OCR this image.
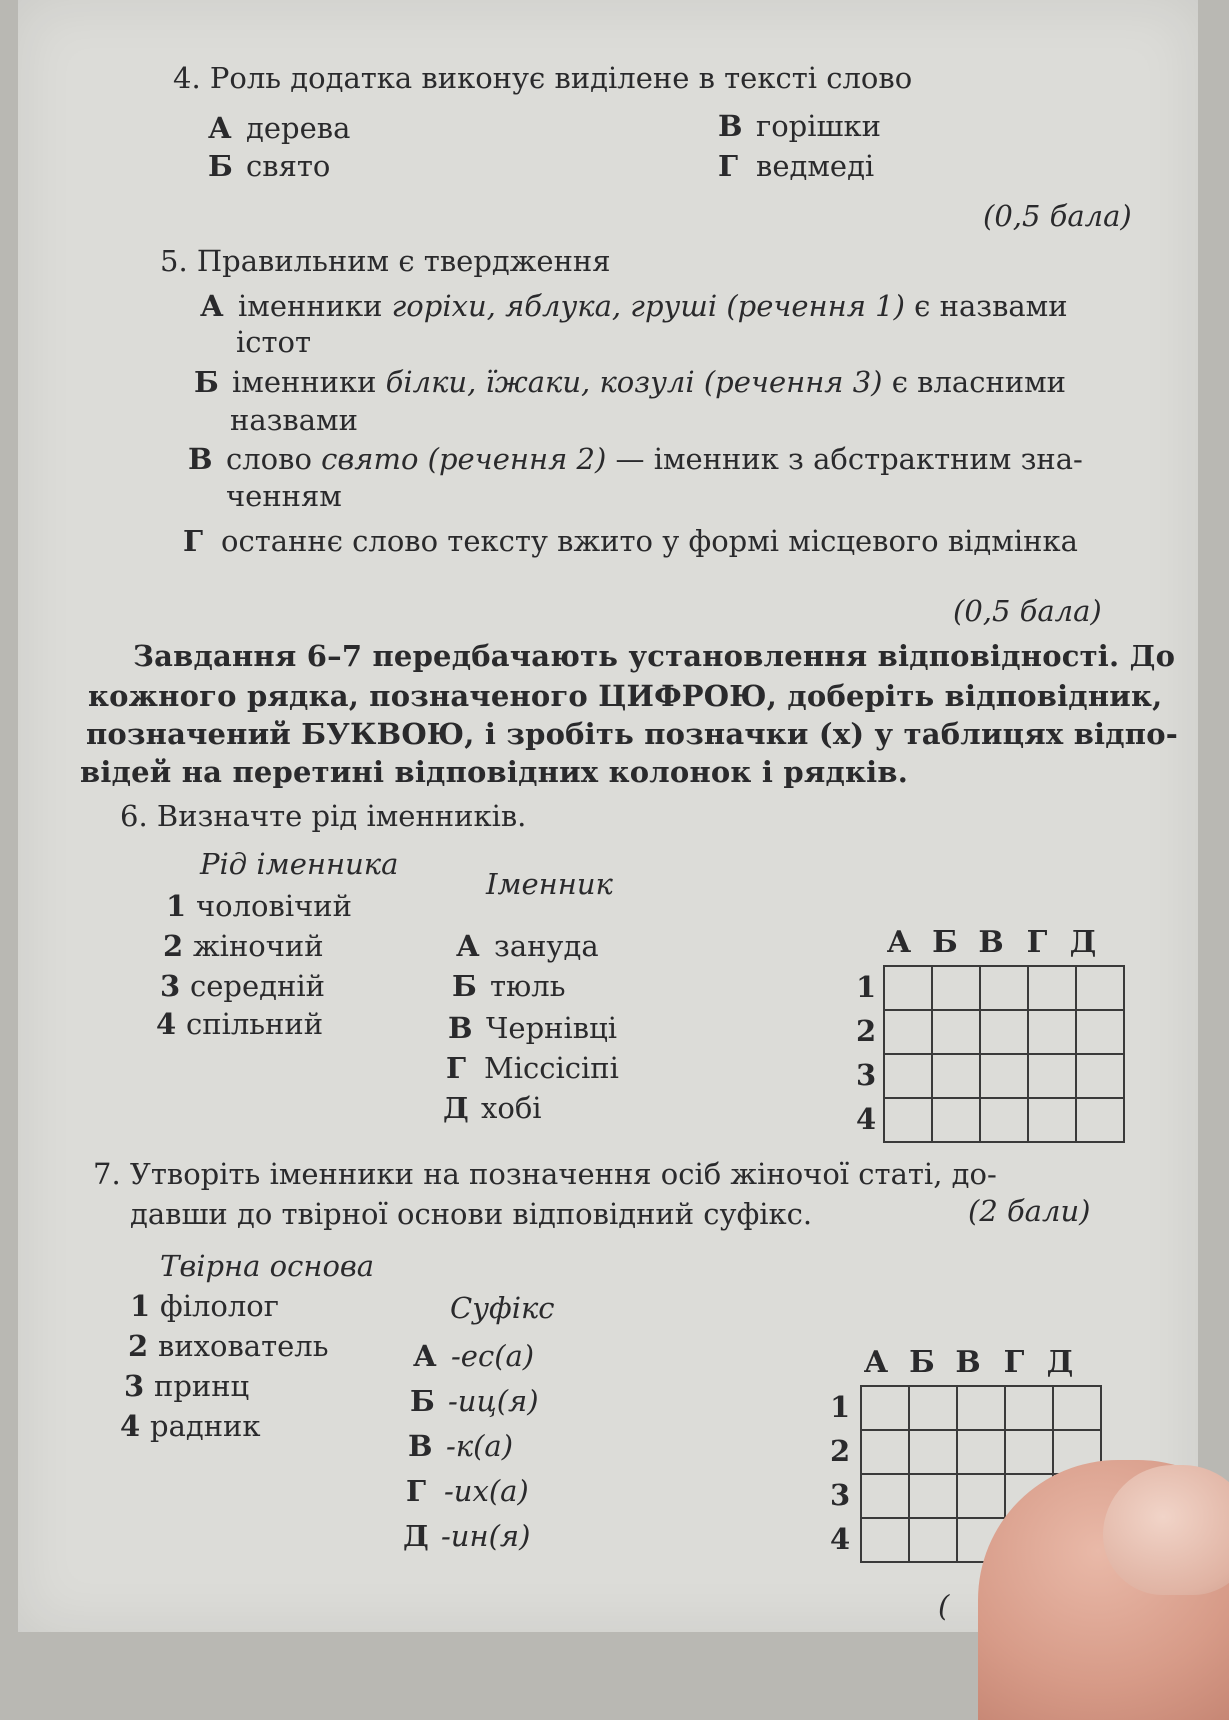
4. Роль додатка виконує виділене в тексті слово
А дерева
Б свято
В горішки
Г ведмеді
(0,5 бала)
5. Правильним є твердження
А іменники горіхи, яблука, груші (речення 1) є назвами
істот
Б іменники білки, їжаки, козулі (речення 3) є власними
назвами
В слово свято (речення 2) — іменник з абстрактним зна-
ченням
Г останнє слово тексту вжито у формі місцевого відмінка
(0,5 бала)
Завдання 6–7 передбачають установлення відповідності. До
кожного рядка, позначеного ЦИФРОЮ, доберіть відповідник,
позначений БУКВОЮ, і зробіть позначки (х) у таблицях відпо-
відей на перетині відповідних колонок і рядків.
6. Визначте рід іменників.
Рід іменника
Іменник
1 чоловічий
2 жіночий
3 середній
4 спільний
А зануда
Б тюль
В Чернівці
Г Міссісіпі
Д хобі
А Б В Г Д
1
2
3
4

(2 бали)
7. Утворіть іменники на позначення осіб жіночої статі, до-
давши до твірної основи відповідний суфікс.
Твірна основа
Суфікс
1 філолог
2 вихователь
3 принц
4 радник
А -ес(а)
Б -иц(я)
В -к(а)
Г -их(а)
Д -ин(я)
А Б В Г Д
1
2
3
4

(
